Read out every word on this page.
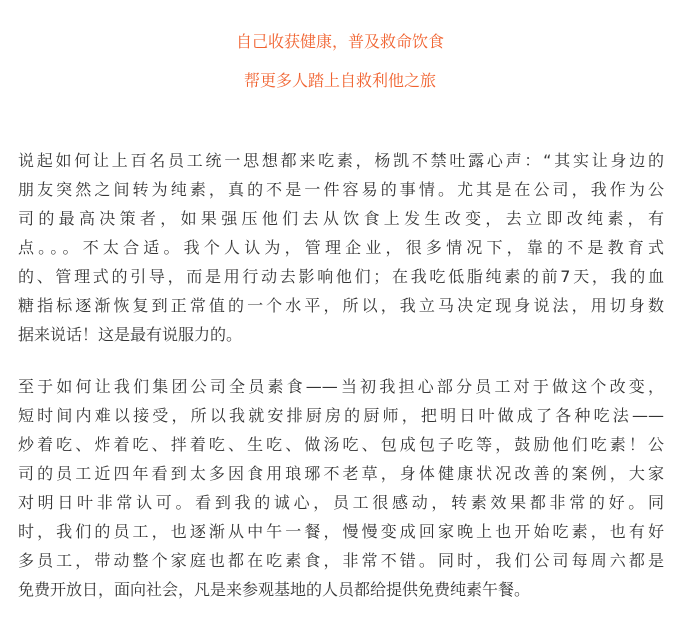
自己收获健康，普及救命饮食
帮更多人踏上自救利他之旅
说起如何让上百名员工统一思想都来吃素，杨凯不禁吐露心声：“其实让身边的
朋友突然之间转为纯素，真的不是一件容易的事情。尤其是在公司，我作为公
司的最高决策者，如果强压他们去从饮食上发生改变，去立即改纯素，有
点。。。不太合适。我个人认为，管理企业，很多情况下，靠的不是教育式
的、管理式的引导，而是用行动去影响他们；在我吃低脂纯素的前7天，我的血
糖指标逐渐恢复到正常值的一个水平，所以，我立马决定现身说法，用切身数
据来说话！这是最有说服力的。
至于如何让我们集团公司全员素食——当初我担心部分员工对于做这个改变，
短时间内难以接受，所以我就安排厨房的厨师，把明日叶做成了各种吃法——
炒着吃、炸着吃、拌着吃、生吃、做汤吃、包成包子吃等，鼓励他们吃素！公
司的员工近四年看到太多因食用琅琊不老草，身体健康状况改善的案例，大家
对明日叶非常认可。看到我的诚心，员工很感动，转素效果都非常的好。同
时，我们的员工，也逐渐从中午一餐，慢慢变成回家晚上也开始吃素，也有好
多员工，带动整个家庭也都在吃素食，非常不错。同时，我们公司每周六都是
免费开放日，面向社会，凡是来参观基地的人员都给提供免费纯素午餐。
